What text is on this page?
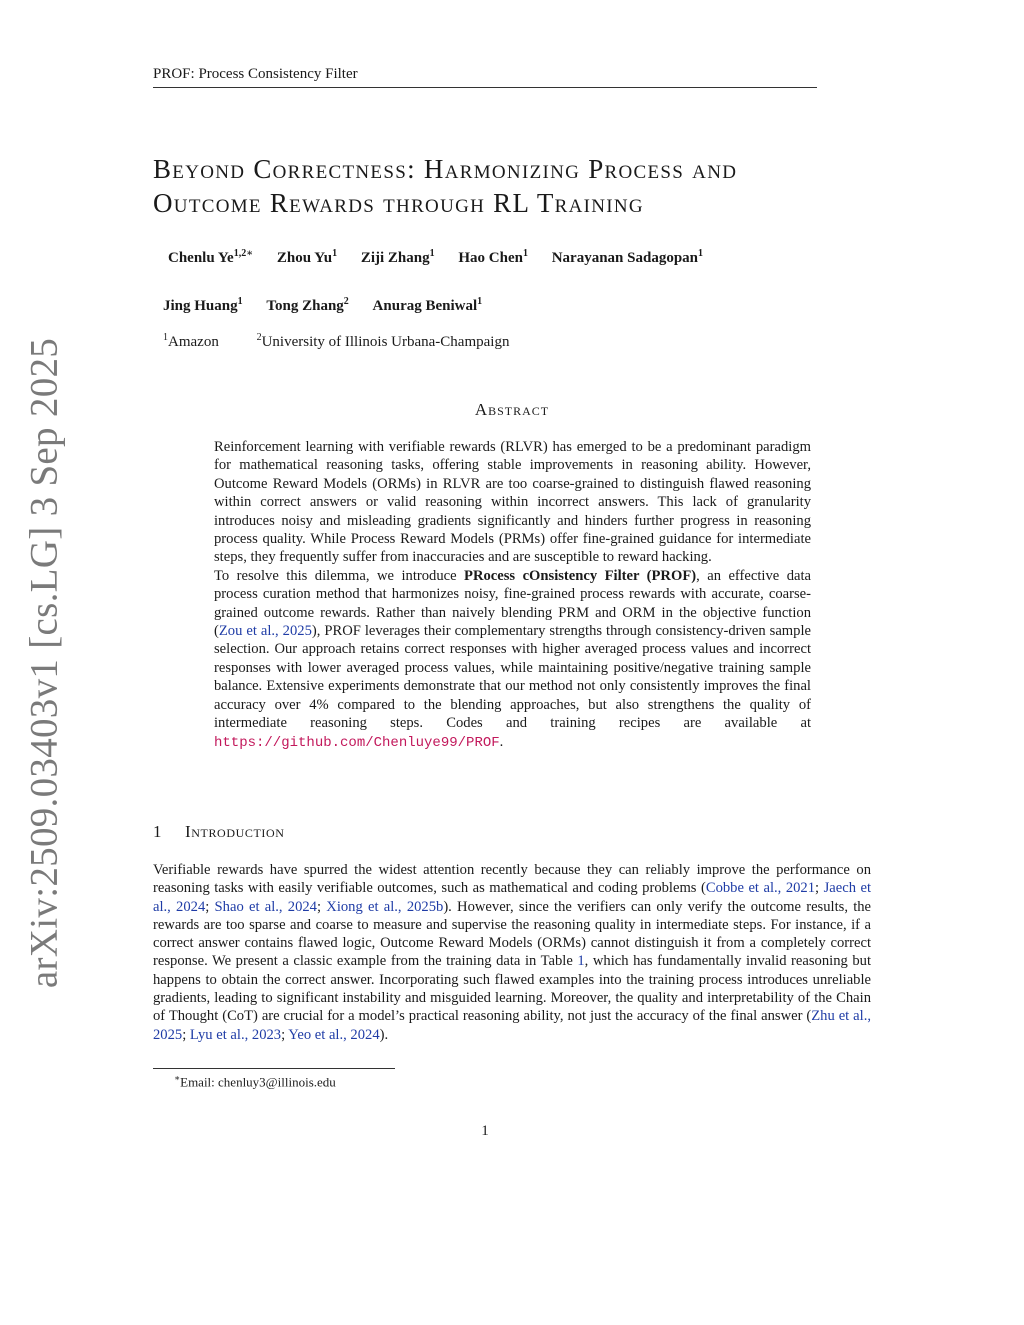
PROF: Process Consistency Filter
arXiv:2509.03403v1 [cs.LG] 3 Sep 2025
Beyond Correctness: Harmonizing Process and
Outcome Rewards through RL Training
Chenlu $Ye^{1,2∗}$ Zhou Yu$^1$ Ziji Zhang$^1$ Hao Chen$^1$ Narayanan Sadagopan$^1$
Jing Huang$^1$ Tong Zhang$^2$ Anurag Beniwal$^1$
$^1$Amazon	$^2$University of Illinois Urbana-Champaign
Abstract

Reinforcement learning with verifiable rewards (RLVR) has emerged to be a predominant paradigm for mathematical reasoning tasks, offering stable improvements in reasoning ability. However, Outcome Reward Models (ORMs) in RLVR are too coarse-grained to distinguish flawed reasoning within correct answers or valid reasoning within incorrect answers. This lack of granularity introduces noisy and misleading gradients significantly and hinders further progress in reasoning process quality. While Process Reward Models (PRMs) offer fine-grained guidance for intermediate steps, they frequently suffer from inaccuracies and are susceptible to reward hacking.

To resolve this dilemma, we introduce PRocess cOnsistency Filter (PROF), an effective data process curation method that harmonizes noisy, fine-grained process rewards with accurate, coarse-grained outcome rewards. Rather than naively blending PRM and ORM in the objective function (Zou et al., 2025), PROF leverages their complementary strengths through consistency-driven sample selection. Our approach retains correct responses with higher averaged process values and incorrect responses with lower averaged process values, while maintaining positive/negative training sample balance. Extensive experiments demonstrate that our method not only consistently improves the final accuracy over 4% compared to the blending approaches, but also strengthens the quality of intermediate reasoning steps. Codes and training recipes are available at https://github.com/Chenluye99/PROF.

1 Introduction

Verifiable rewards have spurred the widest attention recently because they can reliably improve the performance on reasoning tasks with easily verifiable outcomes, such as mathematical and coding problems (Cobbe et al., 2021; Jaech et al., 2024; Shao et al., 2024; Xiong et al., 2025b). However, since the verifiers can only verify the outcome results, the rewards are too sparse and coarse to measure and supervise the reasoning quality in intermediate steps. For instance, if a correct answer contains flawed logic, Outcome Reward Models (ORMs) cannot distinguish it from a completely correct response. We present a classic example from the training data in Table 1, which has fundamentally invalid reasoning but happens to obtain the correct answer. Incorporating such flawed examples into the training process introduces unreliable gradients, leading to significant instability and misguided learning. Moreover, the quality and interpretability of the Chain of Thought (CoT) are crucial for a model’s practical reasoning ability, not just the accuracy of the final answer (Zhu et al., 2025; Lyu et al., 2023; Yeo et al., 2024).

∗Email: chenluy3@illinois.edu
1
